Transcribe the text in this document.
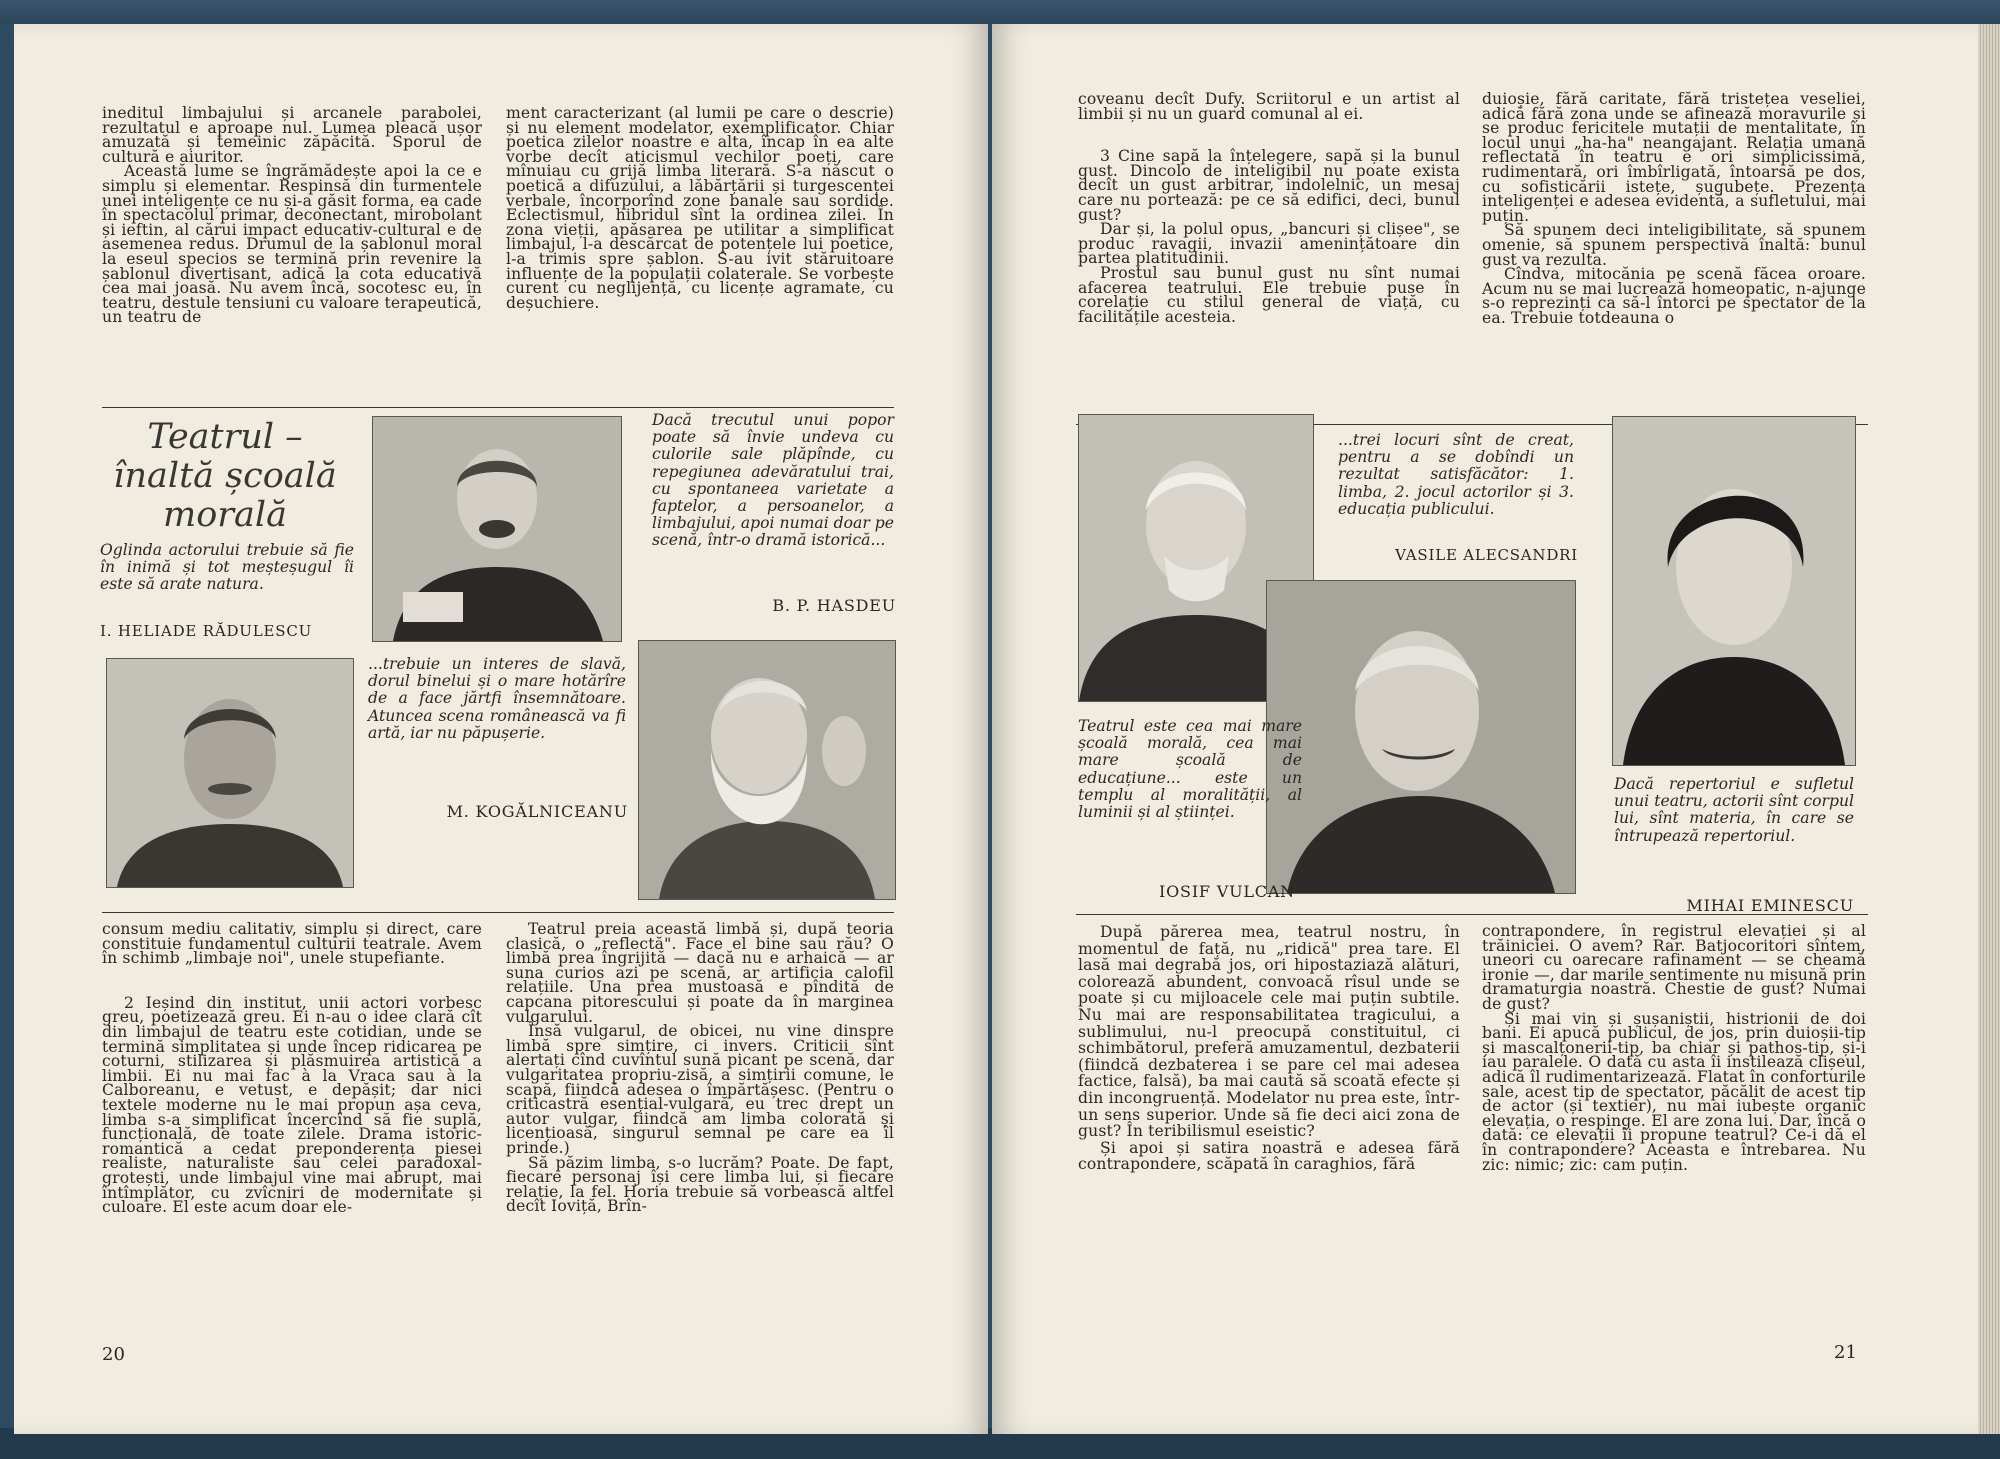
ineditul limbajului și arcanele parabolei, rezultatul e aproape nul. Lumea pleacă ușor amuzată și temeinic zăpăcită. Sporul de cultură e aiuritor.

Această lume se îngrămădește apoi la ce e simplu și elementar. Respinsă din turmentele unei inteligențe ce nu și-a găsit forma, ea cade în spectacolul primar, deconectant, mirobolant și ieftin, al cărui impact educativ-cultural e de asemenea redus. Drumul de la șablonul moral la eseul specios se termină prin revenire la șablonul divertisant, adică la cota educativă cea mai joasă. Nu avem încă, socotesc eu, în teatru, destule tensiuni cu valoare terapeutică, un teatru de

ment caracterizant (al lumii pe care o descrie) și nu element modelator, exemplificator. Chiar poetica zilelor noastre e alta, încap în ea alte vorbe decît aticismul vechilor poeți, care mînuiau cu grijă limba literară. S-a născut o poetică a difuzului, a lăbărțării și turgescenței verbale, încorporînd zone banale sau sordide. Eclectismul, hibridul sînt la ordinea zilei. În zona vieții, apăsarea pe utilitar a simplificat limbajul, l-a descărcat de potențele lui poetice, l-a trimis spre șablon. S-au ivit stăruitoare influențe de la populații colaterale. Se vorbește curent cu neglijență, cu licențe agramate, cu deșuchiere.

Teatrul –
înaltă școală
morală

Oglinda actorului trebuie să fie în inimă și tot meșteșugul îi este să arate natura.

I. HELIADE RĂDULESCU

Dacă trecutul unui popor poate să învie undeva cu culorile sale plăpînde, cu repegiunea adevăratului trai, cu spontaneea varietate a faptelor, a persoanelor, a limbajului, apoi numai doar pe scenă, într-o dramă istorică...

B. P. HASDEU

...trebuie un interes de slavă, dorul binelui și o mare hotărîre de a face jărtfi însemnătoare. Atuncea scena românească va fi artă, iar nu păpușerie.

M. KOGĂLNICEANU

consum mediu calitativ, simplu și direct, care constituie fundamentul culturii teatrale. Avem în schimb „limbaje noi", unele stupefiante.

2 Ieșind din institut, unii actori vorbesc greu, poetizează greu. Ei n-au o idee clară cît din limbajul de teatru este cotidian, unde se termină simplitatea și unde încep ridicarea pe coturni, stilizarea și plăsmuirea artistică a limbii. Ei nu mai fac à la Vraca sau à la Calboreanu, e vetust, e depășit; dar nici textele moderne nu le mai propun așa ceva, limba s-a simplificat încercînd să fie suplă, funcțională, de toate zilele. Drama istoric-romantică a cedat preponderența piesei realiste, naturaliste sau celei paradoxal-grotești, unde limbajul vine mai abrupt, mai întîmplător, cu zvîcniri de modernitate și culoare. El este acum doar ele-

Teatrul preia această limbă și, după teoria clasică, o „reflectă". Face el bine sau rău? O limbă prea îngrijită — dacă nu e arhaică — ar suna curios azi pe scenă, ar artificia calofil relațiile. Una prea mustoasă e pîndită de capcana pitorescului și poate da în marginea vulgarului.

Însă vulgarul, de obicei, nu vine dinspre limbă spre simțire, ci invers. Criticii sînt alertați cînd cuvîntul sună picant pe scenă, dar vulgaritatea propriu-zisă, a simțirii comune, le scapă, fiindcă adesea o împărtășesc. (Pentru o criticastră esențial-vulgară, eu trec drept un autor vulgar, fiindcă am limba colorată și licențioasă, singurul semnal pe care ea îl prinde.)

Să păzim limba, s-o lucrăm? Poate. De fapt, fiecare personaj își cere limba lui, și fiecare relație, la fel. Horia trebuie să vorbească altfel decît Ioviță, Brîn-

20

coveanu decît Dufy. Scriitorul e un artist al limbii și nu un guard comunal al ei.

3 Cine sapă la înțelegere, sapă și la bunul gust. Dincolo de inteligibil nu poate exista decît un gust arbitrar, indolelnic, un mesaj care nu portează: pe ce să edifici, deci, bunul gust?

Dar și, la polul opus, „bancuri și clișee", se produc ravagii, invazii amenințătoare din partea platitudinii.

Prostul sau bunul gust nu sînt numai afacerea teatrului. Ele trebuie puse în corelație cu stilul general de viață, cu facilitățile acesteia.

duioșie, fără caritate, fără tristețea veseliei, adică fără zona unde se afinează moravurile și se produc fericitele mutații de mentalitate, în locul unui „ha-ha" neangajant. Relația umană reflectată în teatru e ori simplicissimă, rudimentară, ori îmbîrligată, întoarsă pe dos, cu sofisticării istețe, șugubețe. Prezența inteligenței e adesea evidentă, a sufletului, mai puțin.

Să spunem deci inteligibilitate, să spunem omenie, să spunem perspectivă înaltă: bunul gust va rezulta.

Cîndva, mitocănia pe scenă făcea oroare. Acum nu se mai lucrează homeopatic, n-ajunge s-o reprezinți ca să-l întorci pe spectator de la ea. Trebuie totdeauna o

...trei locuri sînt de creat, pentru a se dobîndi un rezultat satisfăcător: 1. limba, 2. jocul actorilor și 3. educația publicului.

VASILE ALECSANDRI

Teatrul este cea mai mare școală morală, cea mai mare școală de educațiune... este un templu al moralității, al luminii și al științei.

IOSIF VULCAN

Dacă repertoriul e sufletul unui teatru, actorii sînt corpul lui, sînt materia, în care se întrupează repertoriul.

MIHAI EMINESCU

După părerea mea, teatrul nostru, în momentul de față, nu „ridică" prea tare. El lasă mai degrabă jos, ori hipostaziază alături, colorează abundent, convoacă rîsul unde se poate și cu mijloacele cele mai puțin subtile. Nu mai are responsabilitatea tragicului, a sublimului, nu-l preocupă constituitul, ci schimbătorul, preferă amuzamentul, dezbaterii (fiindcă dezbaterea i se pare cel mai adesea factice, falsă), ba mai caută să scoată efecte și din incongruență. Modelator nu prea este, într-un sens superior. Unde să fie deci aici zona de gust? În teribilismul eseistic?

Și apoi și satira noastră e adesea fără contrapondere, scăpată în caraghios, fără

contrapondere, în registrul elevației și al trăiniciei. O avem? Rar. Batjocoritori sîntem, uneori cu oarecare rafinament — se cheamă ironie —, dar marile sentimente nu mișună prin dramaturgia noastră. Chestie de gust? Numai de gust?

Și mai vin și șușaniștii, histrionii de doi bani. Ei apucă publicul, de jos, prin duioșii-tip și mascalțonerii-tip, ba chiar și pathos-tip, și-i iau paralele. O dată cu asta îi instilează clișeul, adică îl rudimentarizează. Flatat în conforturile sale, acest tip de spectator, păcălit de acest tip de actor (și textier), nu mai iubește organic elevația, o respinge. El are zona lui. Dar, încă o dată: ce elevații îi propune teatrul? Ce-i dă el în contrapondere? Aceasta e întrebarea. Nu zic: nimic; zic: cam puțin.

21
